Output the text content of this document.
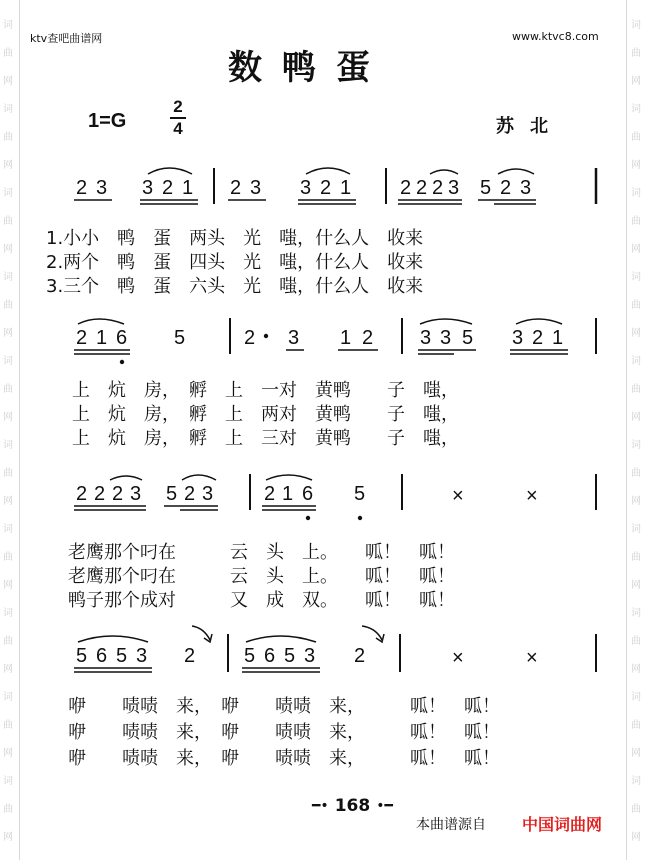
词
曲
网
词
曲
网
词
曲
网
词
曲
网
词
曲
网
词
曲
网
词
曲
网
词
曲
网
词
曲
网
词
曲
网
词
曲
网
词
曲
网
词
曲
网
词
曲
网
词
曲
网
词
曲
网
词
曲
网
词
曲
网
词
曲
网
词
曲
网
ktv查吧曲谱网	www.ktvc8.com
数鸭蛋
1=G
2
4	苏北
2 3 3 2 1 2 3 3 2 1 2 2 2 3 5 2 3
1.小小　鸭　蛋　两头　光　嗤，什么人　收来
2.两个　鸭　蛋　四头　光　嗤，什么人　收来
3.三个　鸭　蛋　六头　光　嗤，什么人　收来
2 1 6 5	2 3 1 2 3 3 5 3 2 1
上　炕　房，　孵　上　一对　黄鸭　　子　嗤，
上　炕　房，　孵　上　两对　黄鸭　　子　嗤，
上　炕　房，　孵　上　三对　黄鸭　　子　嗤，
2 2 2 3 5 2 3	2 1 6 5	×	×
老鹰那个叼在　　　云　头　上。　　呱！　呱！
老鹰那个叼在　　　云　头　上。　　呱！　呱！
鸭子那个成对　　　又　成　双。　　呱！　呱！
5 6 5 3 2 5 6 5 3 2	×	×
咿　　啧啧　来，　咿　　啧啧　来，　　　呱！　呱！
咿　　啧啧　来，　咿　　啧啧　来，　　　呱！　呱！
咿　　啧啧　来，　咿　　啧啧　来，　　　呱！　呱！
━• 168 •━
本曲谱源自 中国词曲网
